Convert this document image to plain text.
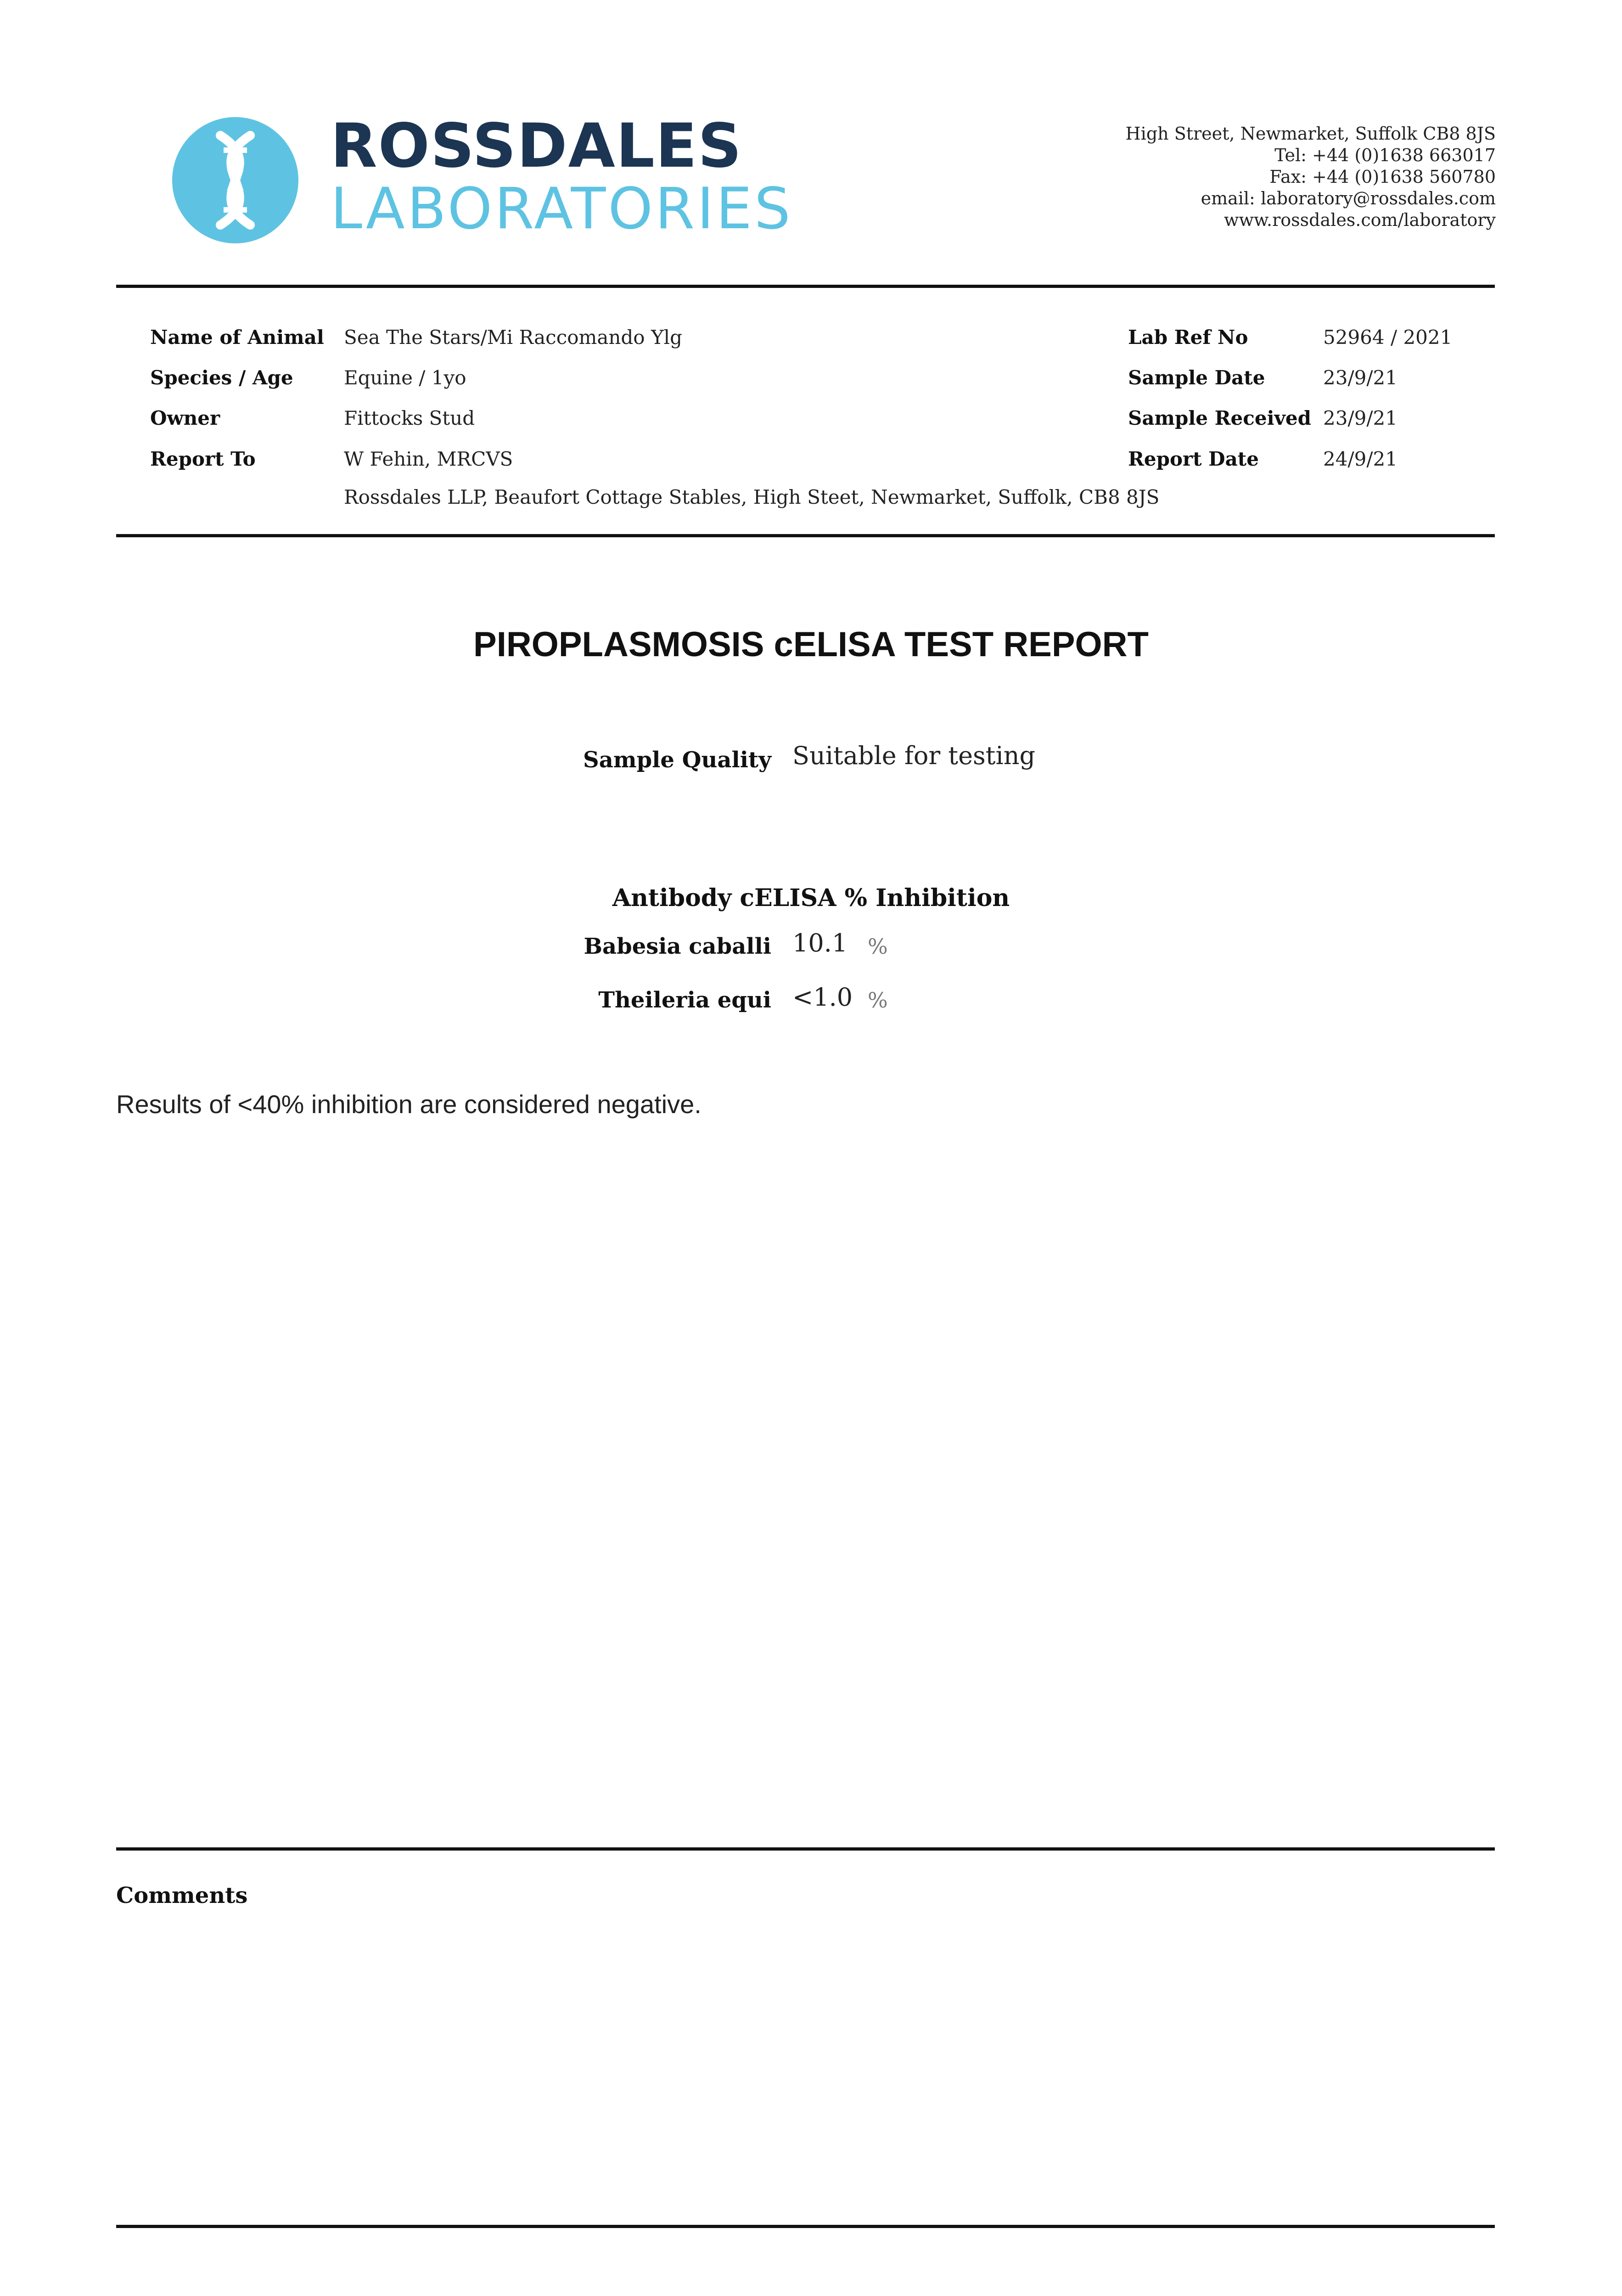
ROSSDALES
LABORATORIES
High Street, Newmarket, Suffolk CB8 8JS
Tel: +44 (0)1638 663017
Fax: +44 (0)1638 560780
email: laboratory@rossdales.com
www.rossdales.com/laboratory
Name of Animal Sea The Stars/Mi Raccomando Ylg
Species / Age	Equine / 1yo
Owner	Fittocks Stud
Report To	W Fehin, MRCVS
Rossdales LLP, Beaufort Cottage Stables, High Steet, Newmarket, Suffolk, CB8 8JS
Lab Ref No	52964 / 2021
Sample Date	23/9/21
Sample Received 23/9/21
Report Date	24/9/21
PIROPLASMOSIS cELISA TEST REPORT
Sample Quality Suitable for testing
Antibody cELISA % Inhibition
Babesia caballi 10.1 %
Theileria equi <1.0 %
Results of <40% inhibition are considered negative.
Comments
